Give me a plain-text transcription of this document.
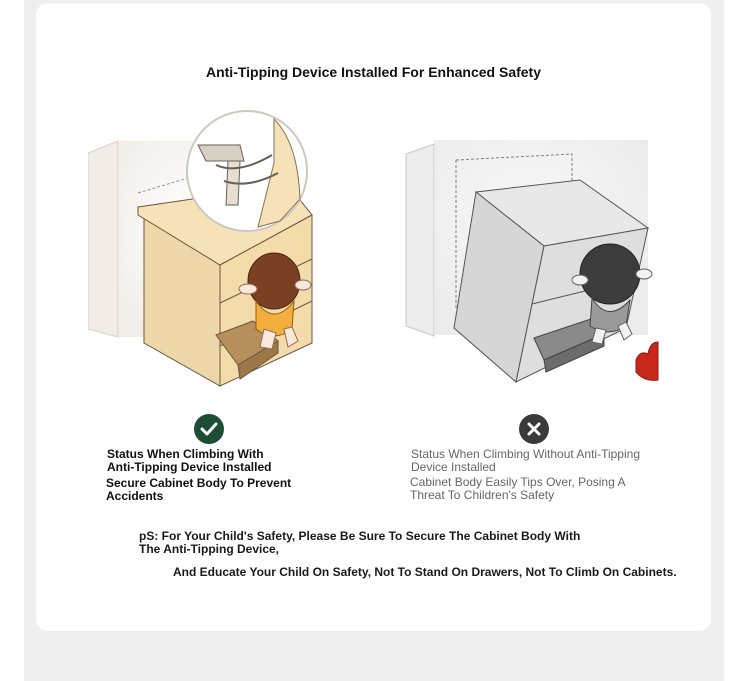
Anti-Tipping Device Installed For Enhanced Safety
Status When Climbing With Anti-Tipping Device Installed
Secure Cabinet Body To Prevent Accidents
Status When Climbing Without Anti-Tipping Device Installed
Cabinet Body Easily Tips Over, Posing A Threat To Children's Safety
pS: For Your Child's Safety, Please Be Sure To Secure The Cabinet Body With The Anti-Tipping Device,
And Educate Your Child On Safety, Not To Stand On Drawers, Not To Climb On Cabinets.
